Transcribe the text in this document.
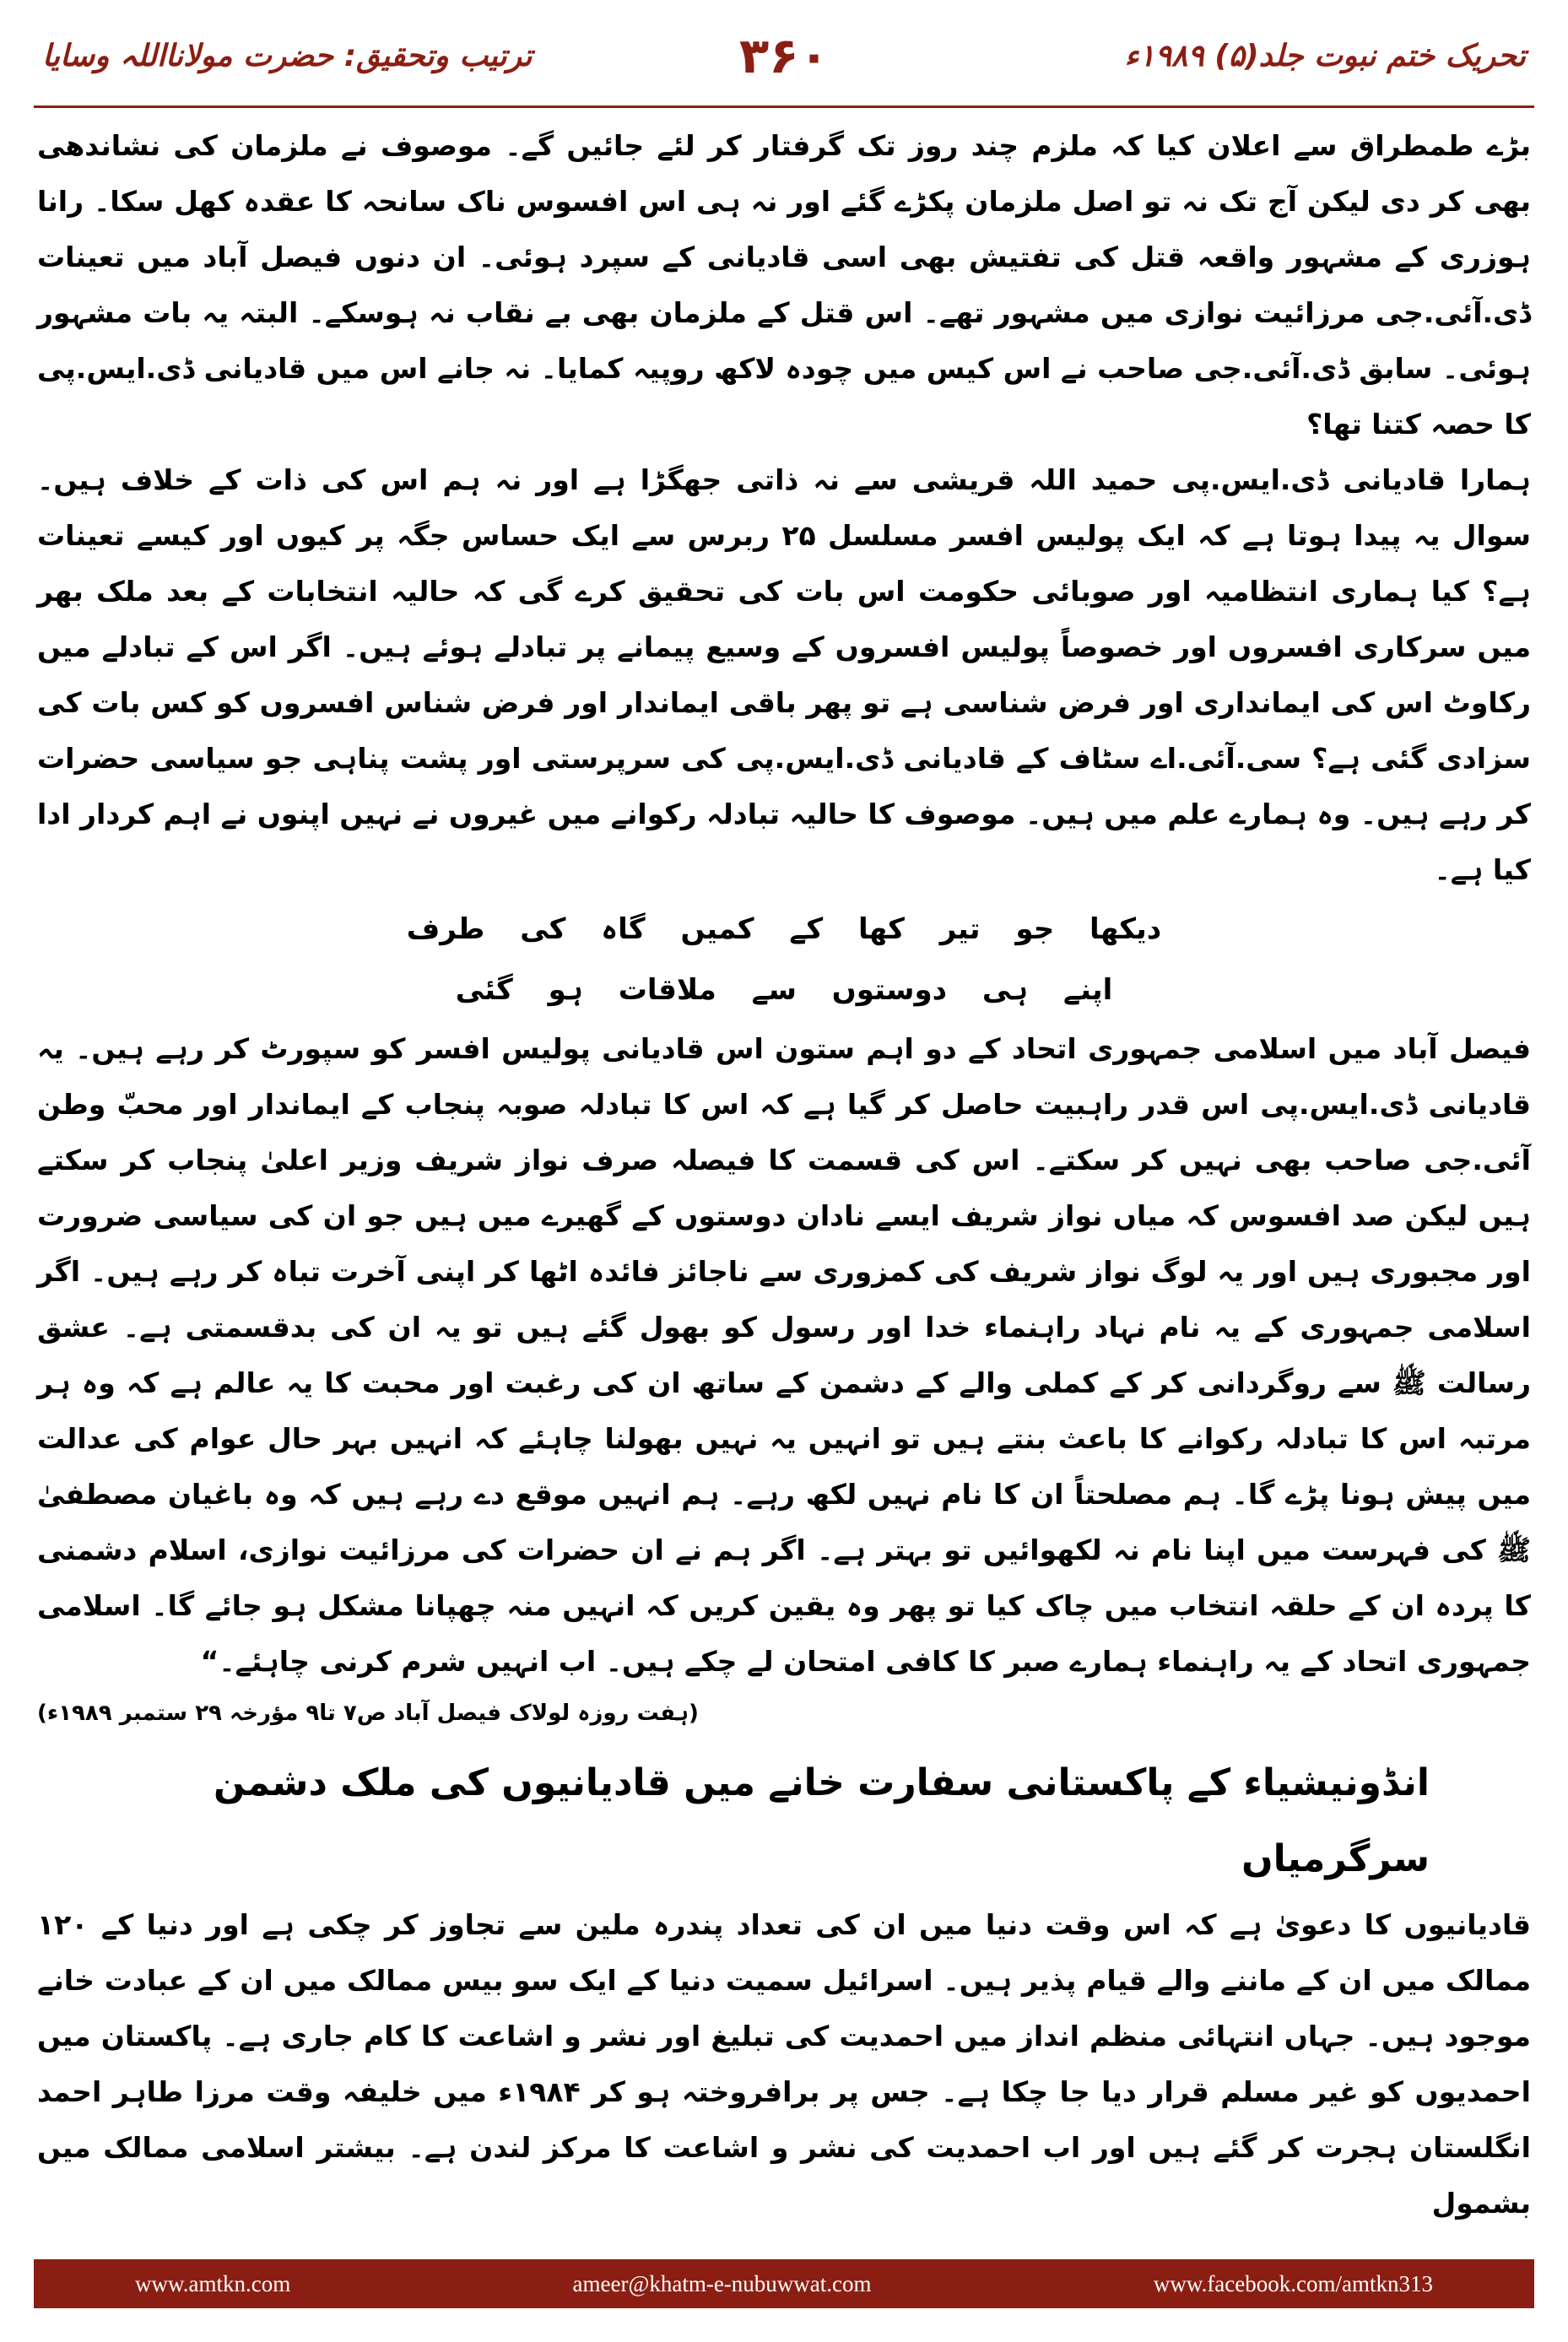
تحریک ختم نبوت جلد(۵) ۱۹۸۹ء
۳۶۰
ترتیب وتحقیق: حضرت مولانااللہ وسایا

بڑے طمطراق سے اعلان کیا کہ ملزم چند روز تک گرفتار کر لئے جائیں گے۔ موصوف نے ملزمان کی نشاندھی بھی کر دی لیکن آج تک نہ تو اصل ملزمان پکڑے گئے اور نہ ہی اس افسوس ناک سانحہ کا عقدہ کھل سکا۔ رانا ہوزری کے مشہور واقعہ قتل کی تفتیش بھی اسی قادیانی کے سپرد ہوئی۔ ان دنوں فیصل آباد میں تعینات ڈی.آئی.جی مرزائیت نوازی میں مشہور تھے۔ اس قتل کے ملزمان بھی بے نقاب نہ ہوسکے۔ البتہ یہ بات مشہور ہوئی۔ سابق ڈی.آئی.جی صاحب نے اس کیس میں چودہ لاکھ روپیہ کمایا۔ نہ جانے اس میں قادیانی ڈی.ایس.پی کا حصہ کتنا تھا؟

ہمارا قادیانی ڈی.ایس.پی حمید اللہ قریشی سے نہ ذاتی جھگڑا ہے اور نہ ہم اس کی ذات کے خلاف ہیں۔ سوال یہ پیدا ہوتا ہے کہ ایک پولیس افسر مسلسل ۲۵ ربرس سے ایک حساس جگہ پر کیوں اور کیسے تعینات ہے؟ کیا ہماری انتظامیہ اور صوبائی حکومت اس بات کی تحقیق کرے گی کہ حالیہ انتخابات کے بعد ملک بھر میں سرکاری افسروں اور خصوصاً پولیس افسروں کے وسیع پیمانے پر تبادلے ہوئے ہیں۔ اگر اس کے تبادلے میں رکاوٹ اس کی ایمانداری اور فرض شناسی ہے تو پھر باقی ایماندار اور فرض شناس افسروں کو کس بات کی سزادی گئی ہے؟ سی.آئی.اے سٹاف کے قادیانی ڈی.ایس.پی کی سرپرستی اور پشت پناہی جو سیاسی حضرات کر رہے ہیں۔ وہ ہمارے علم میں ہیں۔ موصوف کا حالیہ تبادلہ رکوانے میں غیروں نے نہیں اپنوں نے اہم کردار ادا کیا ہے۔

دیکھا جو تیر کھا کے کمیں گاہ کی طرف
اپنے ہی دوستوں سے ملاقات ہو گئی

فیصل آباد میں اسلامی جمہوری اتحاد کے دو اہم ستون اس قادیانی پولیس افسر کو سپورٹ کر رہے ہیں۔ یہ قادیانی ڈی.ایس.پی اس قدر راہبیت حاصل کر گیا ہے کہ اس کا تبادلہ صوبہ پنجاب کے ایماندار اور محبّ وطن آئی.جی صاحب بھی نہیں کر سکتے۔ اس کی قسمت کا فیصلہ صرف نواز شریف وزیر اعلیٰ پنجاب کر سکتے ہیں لیکن صد افسوس کہ میاں نواز شریف ایسے نادان دوستوں کے گھیرے میں ہیں جو ان کی سیاسی ضرورت اور مجبوری ہیں اور یہ لوگ نواز شریف کی کمزوری سے ناجائز فائدہ اٹھا کر اپنی آخرت تباہ کر رہے ہیں۔ اگر اسلامی جمہوری کے یہ نام نہاد راہنماء خدا اور رسول کو بھول گئے ہیں تو یہ ان کی بدقسمتی ہے۔ عشق رسالت ﷺ سے روگردانی کر کے کملی والے کے دشمن کے ساتھ ان کی رغبت اور محبت کا یہ عالم ہے کہ وہ ہر مرتبہ اس کا تبادلہ رکوانے کا باعث بنتے ہیں تو انہیں یہ نہیں بھولنا چاہئے کہ انہیں بہر حال عوام کی عدالت میں پیش ہونا پڑے گا۔ ہم مصلحتاً ان کا نام نہیں لکھ رہے۔ ہم انہیں موقع دے رہے ہیں کہ وہ باغیان مصطفیٰ ﷺ کی فہرست میں اپنا نام نہ لکھوائیں تو بہتر ہے۔ اگر ہم نے ان حضرات کی مرزائیت نوازی، اسلام دشمنی کا پردہ ان کے حلقہ انتخاب میں چاک کیا تو پھر وہ یقین کریں کہ انہیں منہ چھپانا مشکل ہو جائے گا۔ اسلامی جمہوری اتحاد کے یہ راہنماء ہمارے صبر کا کافی امتحان لے چکے ہیں۔ اب انہیں شرم کرنی چاہئے۔“

(ہفت روزہ لولاک فیصل آباد ص۷ تا۹ مؤرخہ ۲۹ ستمبر ۱۹۸۹ء)
انڈونیشیاء کے پاکستانی سفارت خانے میں قادیانیوں کی ملک دشمن سرگرمیاں

قادیانیوں کا دعویٰ ہے کہ اس وقت دنیا میں ان کی تعداد پندرہ ملین سے تجاوز کر چکی ہے اور دنیا کے ۱۲۰ ممالک میں ان کے ماننے والے قیام پذیر ہیں۔ اسرائیل سمیت دنیا کے ایک سو بیس ممالک میں ان کے عبادت خانے موجود ہیں۔ جہاں انتہائی منظم انداز میں احمدیت کی تبلیغ اور نشر و اشاعت کا کام جاری ہے۔ پاکستان میں احمدیوں کو غیر مسلم قرار دیا جا چکا ہے۔ جس پر برافروختہ ہو کر ۱۹۸۴ء میں خلیفہ وقت مرزا طاہر احمد انگلستان ہجرت کر گئے ہیں اور اب احمدیت کی نشر و اشاعت کا مرکز لندن ہے۔ بیشتر اسلامی ممالک میں بشمول

www.amtkn.com	ameer@khatm-e-nubuwwat.com	www.facebook.com/amtkn313
